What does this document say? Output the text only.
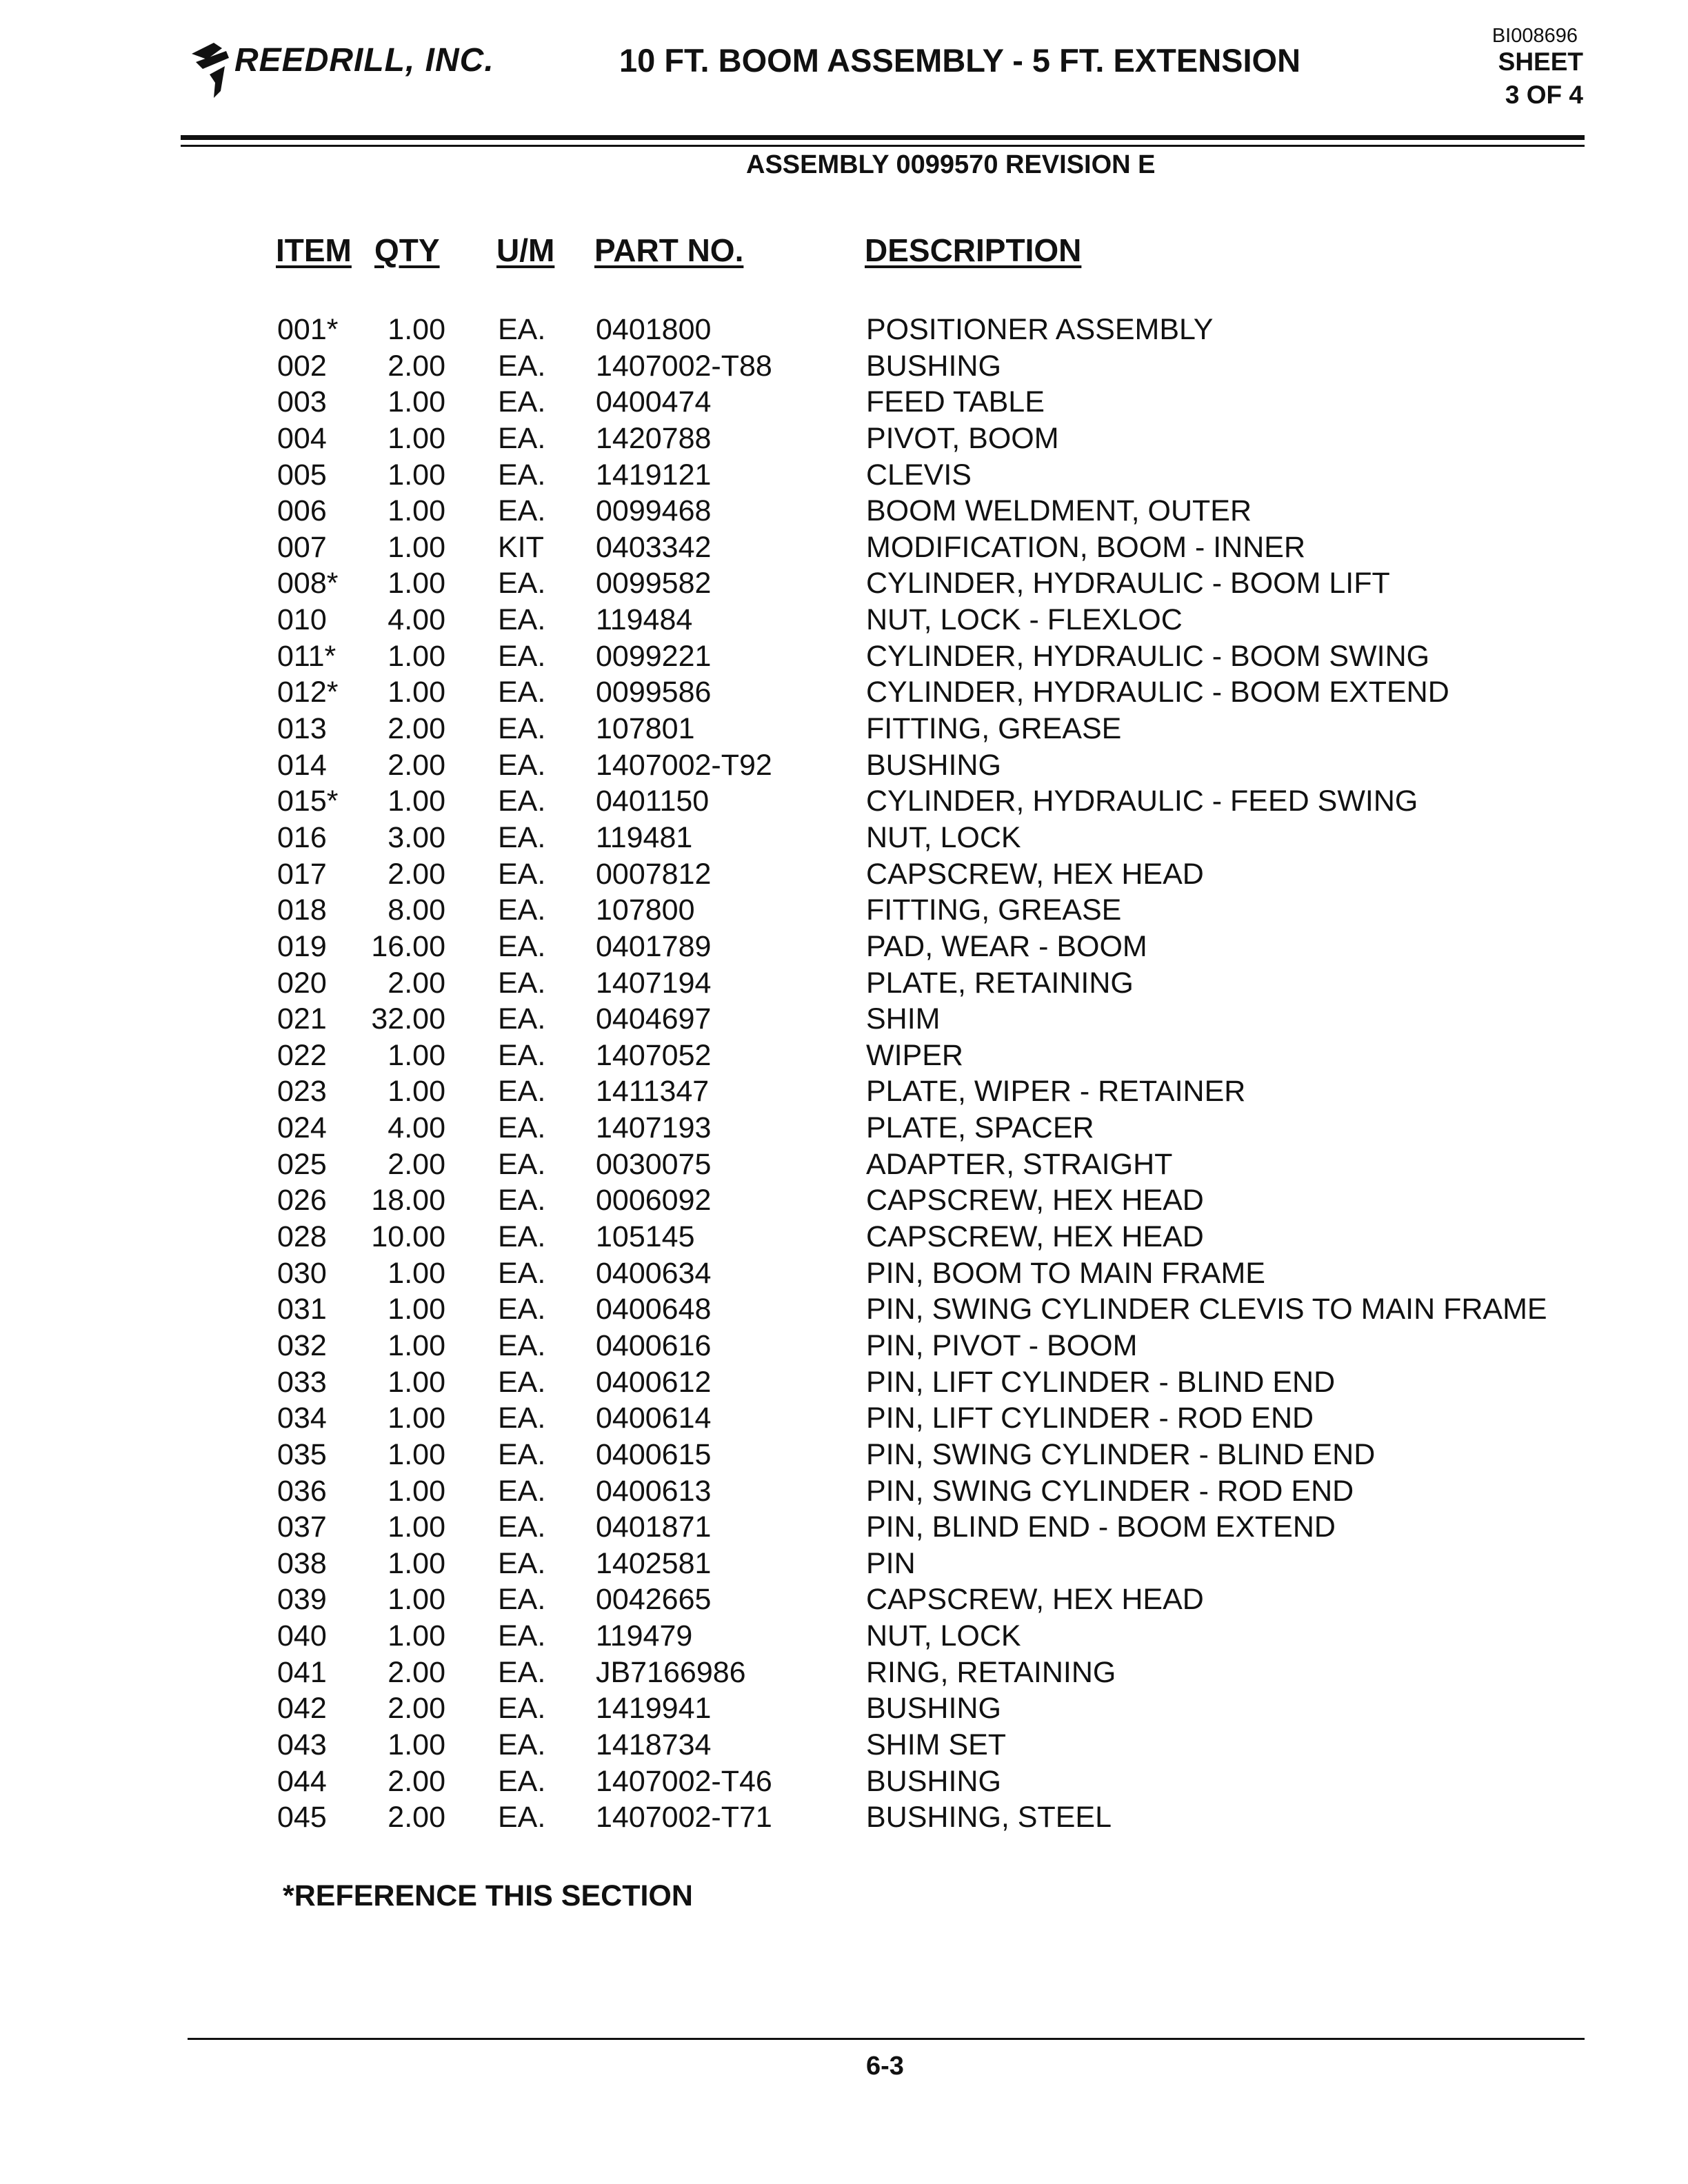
REEDRILL, INC.	10 FT. BOOM ASSEMBLY - 5 FT. EXTENSION
BI008696
SHEET
3 OF 4
ASSEMBLY 0099570 REVISION E
ITEM QTY U/M PART NO.	DESCRIPTION
001*	1.00 EA. 0401800	POSITIONER ASSEMBLY
002	2.00 EA. 1407002-T88	BUSHING
003	1.00 EA. 0400474	FEED TABLE
004	1.00 EA. 1420788	PIVOT, BOOM
005	1.00 EA. 1419121	CLEVIS
006	1.00 EA. 0099468	BOOM WELDMENT, OUTER
007	1.00 KIT 0403342	MODIFICATION, BOOM - INNER
008*	1.00 EA. 0099582	CYLINDER, HYDRAULIC - BOOM LIFT
010	4.00 EA. 119484	NUT, LOCK - FLEXLOC
011*	1.00 EA. 0099221	CYLINDER, HYDRAULIC - BOOM SWING
012*	1.00 EA. 0099586	CYLINDER, HYDRAULIC - BOOM EXTEND
013	2.00 EA. 107801	FITTING, GREASE
014	2.00 EA. 1407002-T92	BUSHING
015*	1.00 EA. 0401150	CYLINDER, HYDRAULIC - FEED SWING
016	3.00 EA. 119481	NUT, LOCK
017	2.00 EA. 0007812	CAPSCREW, HEX HEAD
018	8.00 EA. 107800	FITTING, GREASE
019 16.00 EA. 0401789	PAD, WEAR - BOOM
020	2.00 EA. 1407194	PLATE, RETAINING
021 32.00 EA. 0404697	SHIM
022	1.00 EA. 1407052	WIPER
023	1.00 EA. 1411347	PLATE, WIPER - RETAINER
024	4.00 EA. 1407193	PLATE, SPACER
025	2.00 EA. 0030075	ADAPTER, STRAIGHT
026 18.00 EA. 0006092	CAPSCREW, HEX HEAD
028 10.00 EA. 105145	CAPSCREW, HEX HEAD
030	1.00 EA. 0400634	PIN, BOOM TO MAIN FRAME
031	1.00 EA. 0400648	PIN, SWING CYLINDER CLEVIS TO MAIN FRAME
032	1.00 EA. 0400616	PIN, PIVOT - BOOM
033	1.00 EA. 0400612	PIN, LIFT CYLINDER - BLIND END
034	1.00 EA. 0400614	PIN, LIFT CYLINDER - ROD END
035	1.00 EA. 0400615	PIN, SWING CYLINDER - BLIND END
036	1.00 EA. 0400613	PIN, SWING CYLINDER - ROD END
037	1.00 EA. 0401871	PIN, BLIND END - BOOM EXTEND
038	1.00 EA. 1402581	PIN
039	1.00 EA. 0042665	CAPSCREW, HEX HEAD
040	1.00 EA. 119479	NUT, LOCK
041	2.00 EA. JB7166986	RING, RETAINING
042	2.00 EA. 1419941	BUSHING
043	1.00 EA. 1418734	SHIM SET
044	2.00 EA. 1407002-T46	BUSHING
045	2.00 EA. 1407002-T71	BUSHING, STEEL
*REFERENCE THIS SECTION
6-3
